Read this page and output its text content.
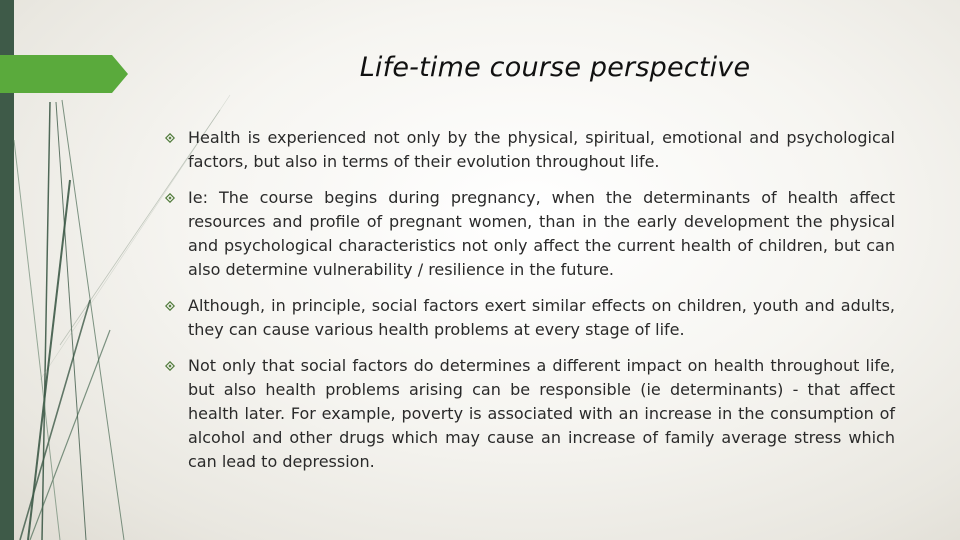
Life-time course perspective
Health is experienced not only by the physical, spiritual, emotional and psychological factors, but also in terms of their evolution throughout life.
Ie: The course begins during pregnancy, when the determinants of health affect resources and profile of pregnant women, than in the early development the physical and psychological characteristics not only affect the current health of children, but can also determine vulnerability / resilience in the future.
Although, in principle, social factors exert similar effects on children, youth and adults, they can cause various health problems at every stage of life.
Not only that social factors do determines a different impact on health throughout life, but also health problems arising can be responsible (ie determinants) - that affect health later. For example, poverty is associated with an increase in the consumption of alcohol and other drugs which may cause an increase of family average stress which can lead to depression.
